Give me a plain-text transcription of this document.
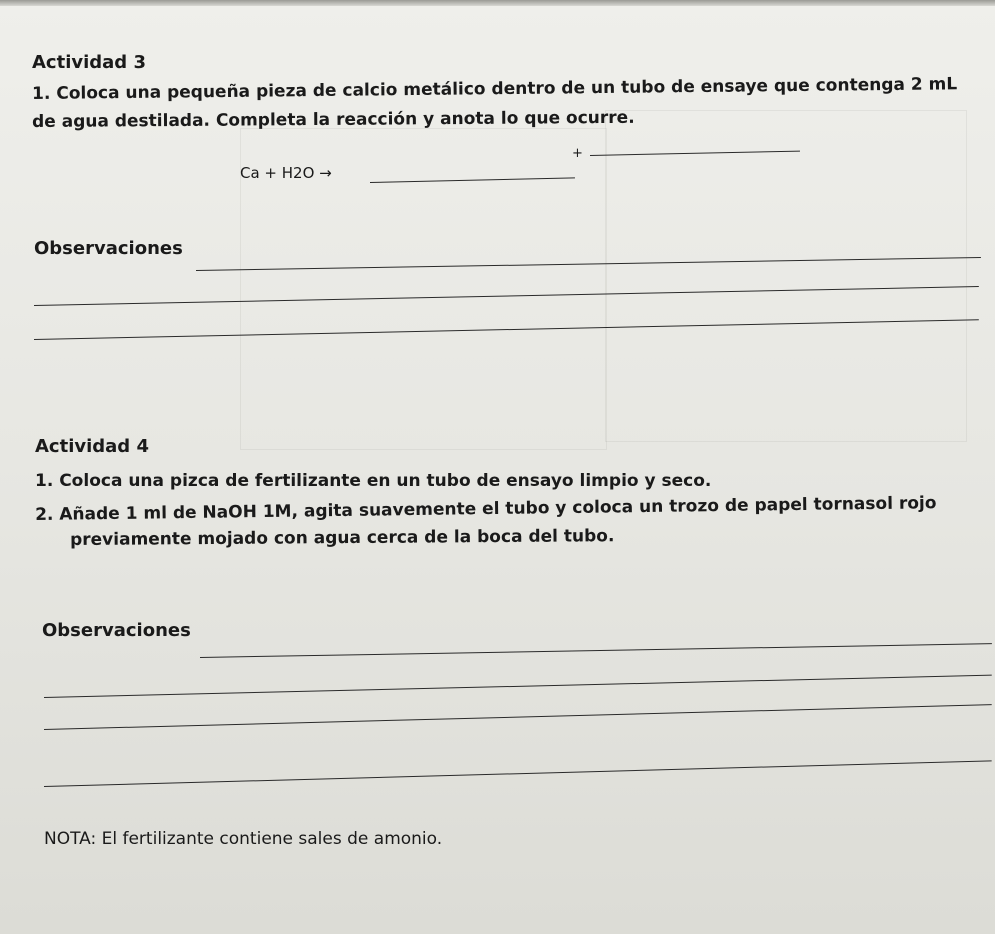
Actividad 3
1. Coloca una pequeña pieza de calcio metálico dentro de un tubo de ensaye que contenga 2 mL
de agua destilada. Completa la reacción y anota lo que ocurre.
Ca + H2O →
+
Observaciones
Actividad 4
1. Coloca una pizca de fertilizante en un tubo de ensayo limpio y seco.
2. Añade 1 ml de NaOH 1M, agita suavemente el tubo y coloca un trozo de papel tornasol rojo
previamente mojado con agua cerca de la boca del tubo.
Observaciones
NOTA: El fertilizante contiene sales de amonio.
